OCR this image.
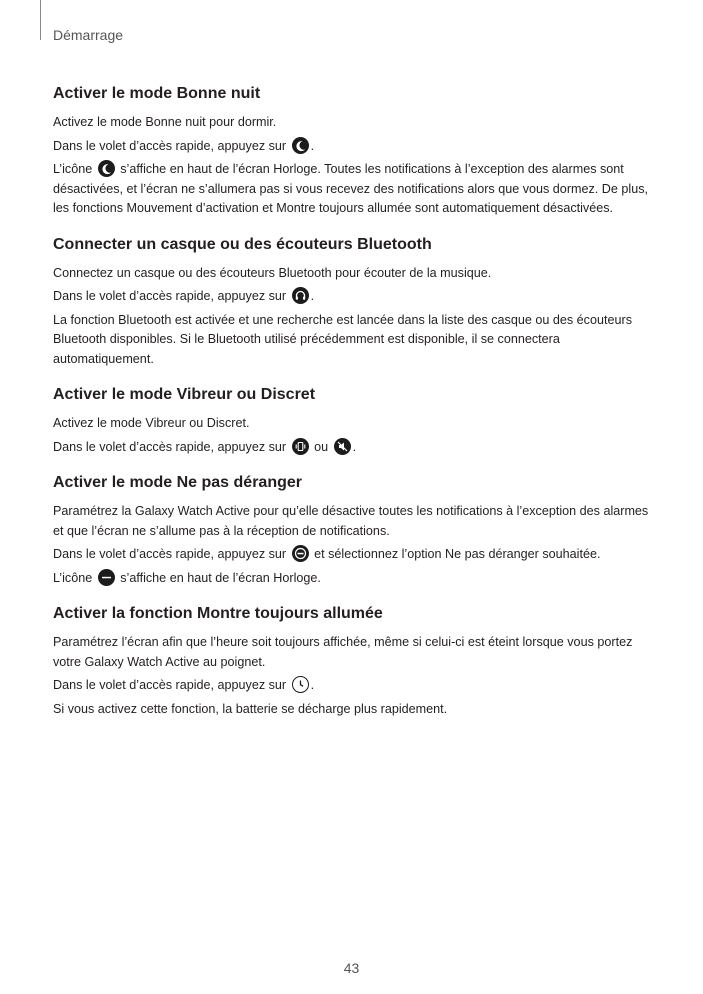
Démarrage
Activer le mode Bonne nuit

Activez le mode Bonne nuit pour dormir.

Dans le volet d’accès rapide, appuyez sur
.

L’icône
s’affiche en haut de l’écran Horloge. Toutes les notifications à l’exception des alarmes sont désactivées, et l’écran ne s’allumera pas si vous recevez des notifications alors que vous dormez. De plus, les fonctions Mouvement d’activation et Montre toujours allumée sont automatiquement désactivées.

Connecter un casque ou des écouteurs Bluetooth

Connectez un casque ou des écouteurs Bluetooth pour écouter de la musique.

Dans le volet d’accès rapide, appuyez sur
.

La fonction Bluetooth est activée et une recherche est lancée dans la liste des casque ou des écouteurs Bluetooth disponibles. Si le Bluetooth utilisé précédemment est disponible, il se connectera automatiquement.

Activer le mode Vibreur ou Discret

Activez le mode Vibreur ou Discret.

Dans le volet d’accès rapide, appuyez sur
ou
.

Activer le mode Ne pas déranger

Paramétrez la Galaxy Watch Active pour qu’elle désactive toutes les notifications à l’exception des alarmes et que l’écran ne s’allume pas à la réception de notifications.

Dans le volet d’accès rapide, appuyez sur
et sélectionnez l’option Ne pas déranger souhaitée.

L’icône
s’affiche en haut de l’écran Horloge.

Activer la fonction Montre toujours allumée

Paramétrez l’écran afin que l’heure soit toujours affichée, même si celui-ci est éteint lorsque vous portez votre Galaxy Watch Active au poignet.

Dans le volet d’accès rapide, appuyez sur
.

Si vous activez cette fonction, la batterie se décharge plus rapidement.

43
